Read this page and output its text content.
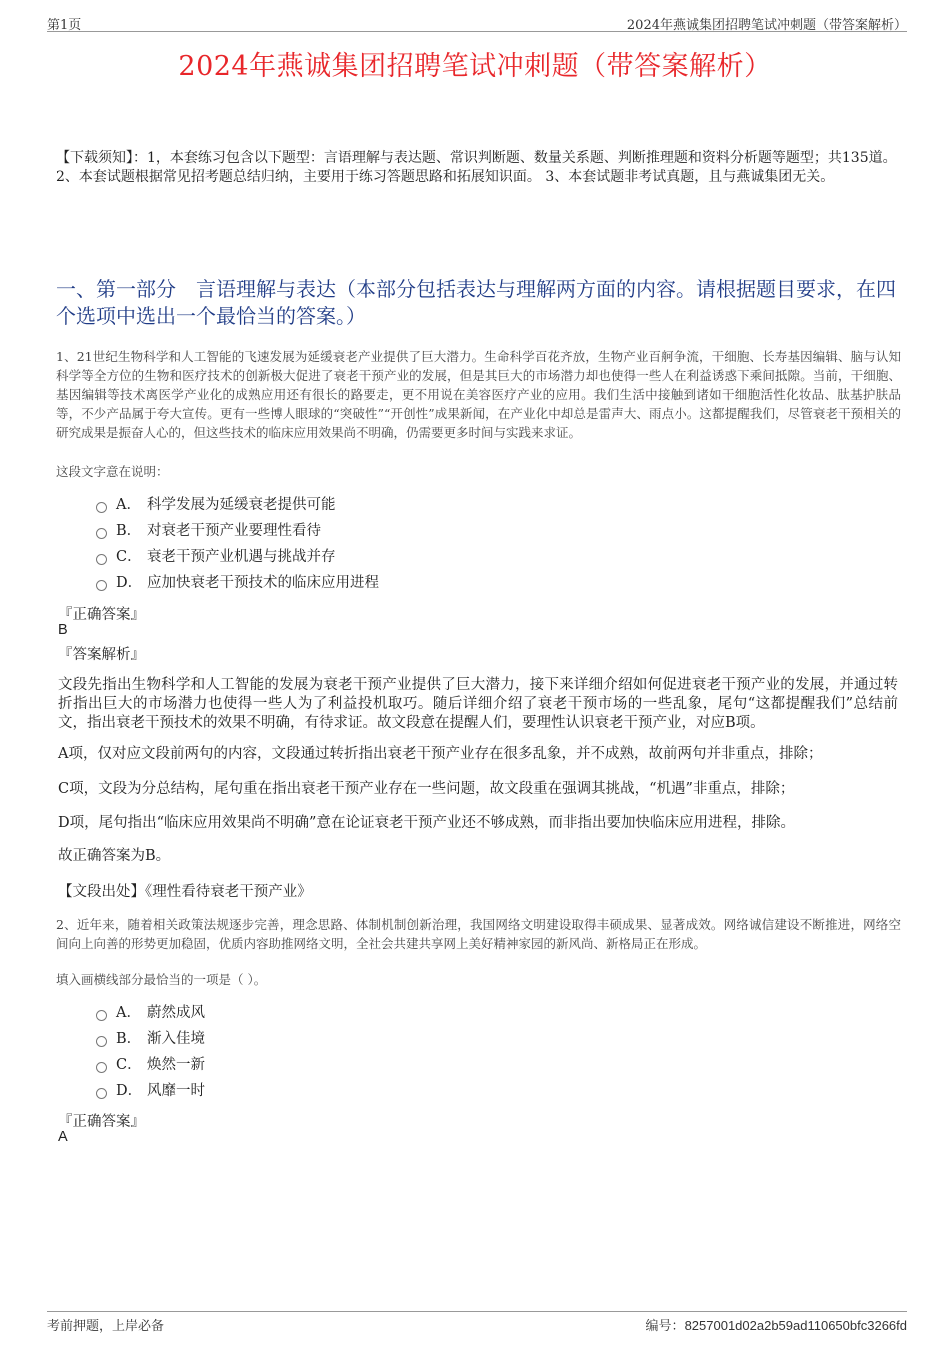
第1页	2024年燕诚集团招聘笔试冲刺题（带答案解析）
2024年燕诚集团招聘笔试冲刺题（带答案解析）
【下载须知】：1，本套练习包含以下题型：言语理解与表达题、常识判断题、数量关系题、判断推理题和资料分析题等题型；共135道。 2、本套试题根据常见招考题总结归纳，主要用于练习答题思路和拓展知识面。 3、本套试题非考试真题，且与燕诚集团无关。
一、第一部分　言语理解与表达（本部分包括表达与理解两方面的内容。请根据题目要求，在四个选项中选出一个最恰当的答案。）
1、21世纪生物科学和人工智能的飞速发展为延缓衰老产业提供了巨大潜力。生命科学百花齐放，生物产业百舸争流，干细胞、长寿基因编辑、脑与认知科学等全方位的生物和医疗技术的创新极大促进了衰老干预产业的发展，但是其巨大的市场潜力却也使得一些人在利益诱惑下乘间抵隙。当前，干细胞、基因编辑等技术离医学产业化的成熟应用还有很长的路要走，更不用说在美容医疗产业的应用。我们生活中接触到诸如干细胞活性化妆品、肽基护肤品等，不少产品属于夸大宣传。更有一些博人眼球的“突破性”“开创性”成果新闻，在产业化中却总是雷声大、雨点小。这都提醒我们，尽管衰老干预相关的研究成果是振奋人心的，但这些技术的临床应用效果尚不明确，仍需要更多时间与实践来求证。
这段文字意在说明：
A． 科学发展为延缓衰老提供可能
B． 对衰老干预产业要理性看待
C． 衰老干预产业机遇与挑战并存
D． 应加快衰老干预技术的临床应用进程
『正确答案』
B
『答案解析』
文段先指出生物科学和人工智能的发展为衰老干预产业提供了巨大潜力，接下来详细介绍如何促进衰老干预产业的发展，并通过转折指出巨大的市场潜力也使得一些人为了利益投机取巧。随后详细介绍了衰老干预市场的一些乱象，尾句“这都提醒我们”总结前文，指出衰老干预技术的效果不明确，有待求证。故文段意在提醒人们，要理性认识衰老干预产业，对应B项。
A项，仅对应文段前两句的内容，文段通过转折指出衰老干预产业存在很多乱象，并不成熟，故前两句并非重点，排除；
C项，文段为分总结构，尾句重在指出衰老干预产业存在一些问题，故文段重在强调其挑战，“机遇”非重点，排除；
D项，尾句指出“临床应用效果尚不明确”意在论证衰老干预产业还不够成熟，而非指出要加快临床应用进程，排除。
故正确答案为B。
【文段出处】《理性看待衰老干预产业》
2、近年来，随着相关政策法规逐步完善，理念思路、体制机制创新治理，我国网络文明建设取得丰硕成果、显著成效。网络诚信建设不断推进，网络空间向上向善的形势更加稳固，优质内容助推网络文明，全社会共建共享网上美好精神家园的新风尚、新格局正在形成。
填入画横线部分最恰当的一项是（ ）。
A． 蔚然成风
B． 渐入佳境
C． 焕然一新
D． 风靡一时
『正确答案』
A
考前押题，上岸必备	编号：8257001d02a2b59ad110650bfc3266fd
